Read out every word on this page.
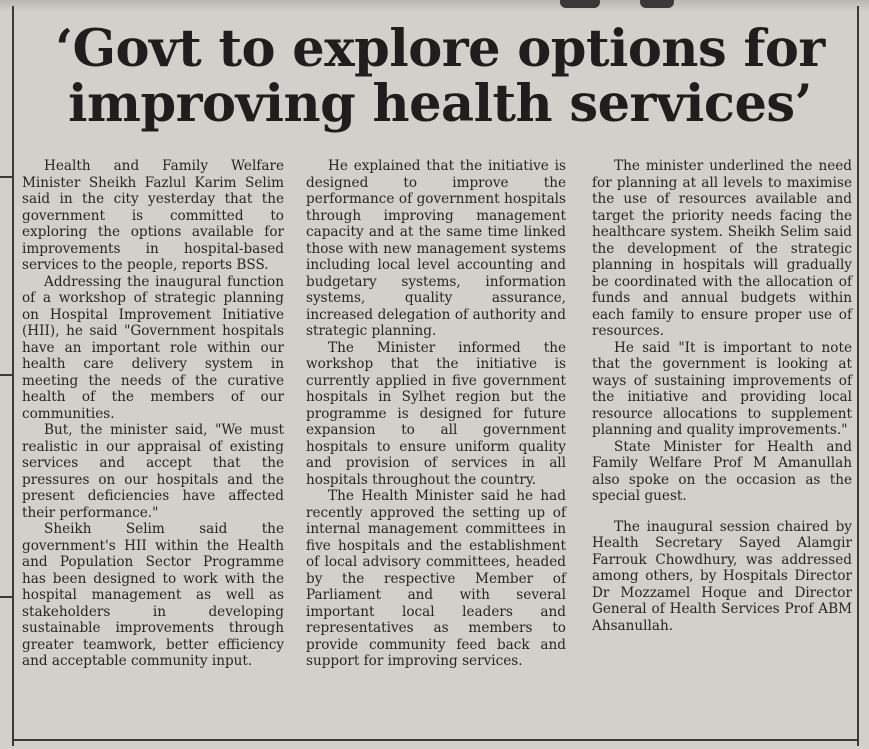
‘Govt to explore options for improving health services’

Health and Family Welfare Minister Sheikh Fazlul Karim Selim said in the city yesterday that the government is committed to exploring the options available for improvements in hospital-based services to the people, reports BSS.

Addressing the inaugural function of a workshop of strategic planning on Hospital Improvement Initiative (HII), he said "Government hospitals have an important role within our health care delivery system in meeting the needs of the curative health of the members of our communities.

But, the minister said, "We must realistic in our appraisal of existing services and accept that the pressures on our hospitals and the present deficiencies have affected their performance."

Sheikh Selim said the government's HII within the Health and Population Sector Programme has been designed to work with the hospital management as well as stakeholders in developing sustainable improvements through greater teamwork, better efficiency and acceptable community input.

He explained that the initiative is designed to improve the performance of government hospitals through improving management capacity and at the same time linked those with new management systems including local level accounting and budgetary systems, information systems, quality assurance, increased delegation of authority and strategic planning.

The Minister informed the workshop that the initiative is currently applied in five government hospitals in Sylhet region but the programme is designed for future expansion to all government hospitals to ensure uniform quality and provision of services in all hospitals throughout the country.

The Health Minister said he had recently approved the setting up of internal management committees in five hospitals and the establishment of local advisory committees, headed by the respective Member of Parliament and with several important local leaders and representatives as members to provide community feed back and support for improving services.

The minister underlined the need for planning at all levels to maximise the use of resources available and target the priority needs facing the healthcare system. Sheikh Selim said the development of the strategic planning in hospitals will gradually be coordinated with the allocation of funds and annual budgets within each family to ensure proper use of resources.

He said "It is important to note that the government is looking at ways of sustaining improvements of the initiative and providing local resource allocations to supplement planning and quality improvements."

State Minister for Health and Family Welfare Prof M Amanullah also spoke on the occasion as the special guest.

The inaugural session chaired by Health Secretary Sayed Alamgir Farrouk Chowdhury, was addressed among others, by Hospitals Director Dr Mozzamel Hoque and Director General of Health Services Prof ABM Ahsanullah.
